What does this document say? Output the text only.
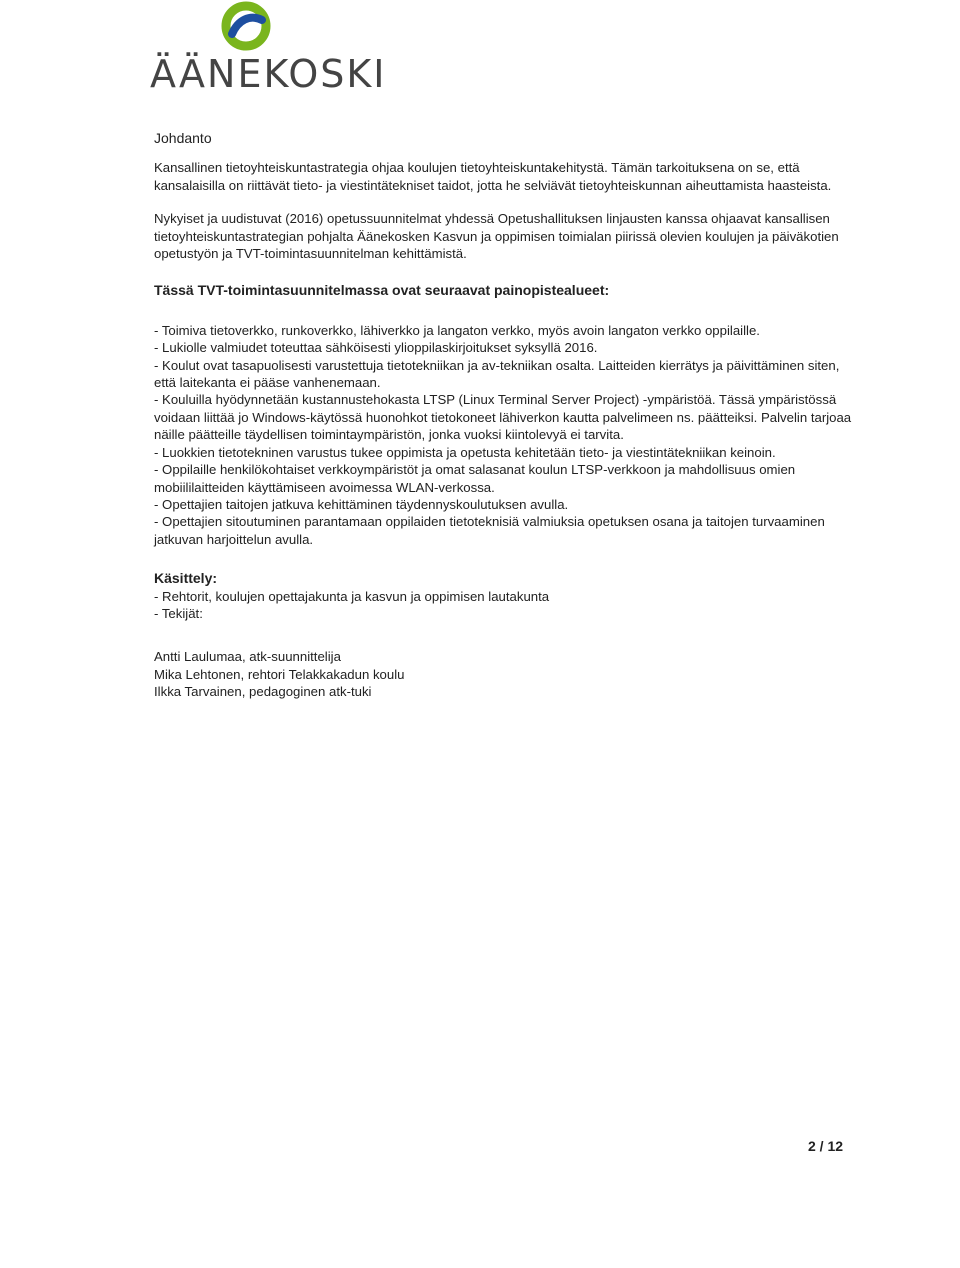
ÄÄNEKOSKI
Johdanto

Kansallinen tietoyhteiskuntastrategia ohjaa koulujen tietoyhteiskuntakehitystä. Tämän tarkoituksena on se, että kansalaisilla on riittävät tieto- ja viestintätekniset taidot, jotta he selviävät tietoyhteiskunnan aiheuttamista haasteista.

Nykyiset ja uudistuvat (2016) opetussuunnitelmat yhdessä Opetushallituksen linjausten kanssa ohjaavat kansallisen tietoyhteiskuntastrategian pohjalta Äänekosken Kasvun ja oppimisen toimialan piirissä olevien koulujen ja päiväkotien opetustyön ja TVT-toimintasuunnitelman kehittämistä.

Tässä TVT-toimintasuunnitelmassa ovat seuraavat painopistealueet:
- Toimiva tietoverkko, runkoverkko, lähiverkko ja langaton verkko, myös avoin langaton verkko oppilaille.
- Lukiolle valmiudet toteuttaa sähköisesti ylioppilaskirjoitukset syksyllä 2016.
- Koulut ovat tasapuolisesti varustettuja tietotekniikan ja av-tekniikan osalta. Laitteiden kierrätys ja päivittäminen siten, että laitekanta ei pääse vanhenemaan.
- Kouluilla hyödynnetään kustannustehokasta LTSP (Linux Terminal Server Project) -ympäristöä. Tässä ympäristössä voidaan liittää jo Windows-käytössä huonohkot tietokoneet lähiverkon kautta palvelimeen ns. päätteiksi. Palvelin tarjoaa näille päätteille täydellisen toimintaympäristön, jonka vuoksi kiintolevyä ei tarvita.
- Luokkien tietotekninen varustus tukee oppimista ja opetusta kehitetään tieto- ja viestintätekniikan keinoin.
- Oppilaille henkilökohtaiset verkkoympäristöt ja omat salasanat koulun LTSP-verkkoon ja mahdollisuus omien mobiililaitteiden käyttämiseen avoimessa WLAN-verkossa.
- Opettajien taitojen jatkuva kehittäminen täydennyskoulutuksen avulla.
- Opettajien sitoutuminen parantamaan oppilaiden tietoteknisiä valmiuksia opetuksen osana ja taitojen turvaaminen jatkuvan harjoittelun avulla.
Käsittely:
- Rehtorit, koulujen opettajakunta ja kasvun ja oppimisen lautakunta
- Tekijät:
Antti Laulumaa, atk-suunnittelija
Mika Lehtonen, rehtori Telakkakadun koulu
Ilkka Tarvainen, pedagoginen atk-tuki
2 / 12
